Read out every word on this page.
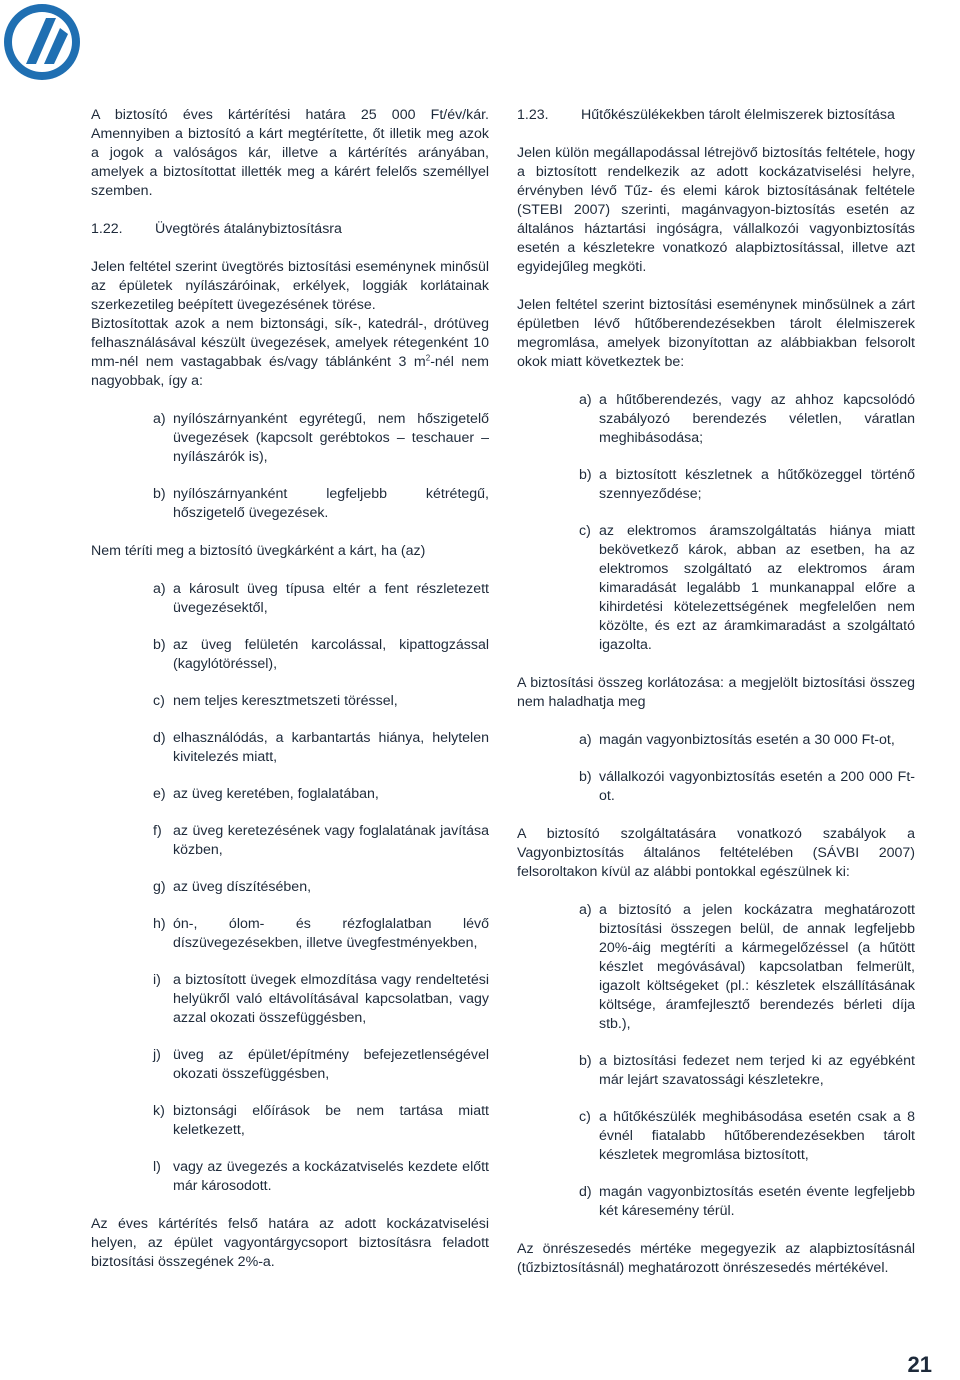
A biztosító éves kártérítési határa 25 000 Ft/év/kár. Amennyiben a biztosító a kárt megtérítette, őt illetik meg azok a jogok a valóságos kár, illetve a kártérítés arányában, amelyek a biztosítottat illették meg a kárért felelős személlyel szemben.

1.22. Üvegtörés átalánybiztosításra

Jelen feltétel szerint üvegtörés biztosítási eseménynek minősül az épületek nyílászáróinak, erkélyek, loggiák korlátainak szerkezetileg beépített üvegezésének törése.

Biztosítottak azok a nem biztonsági, sík-, katedrál-, drótüveg felhasználásával készült üvegezések, amelyek rétegenként 10 mm-nél nem vastagabbak és/vagy táblánként 3 $m^2$-nél nem nagyobbak, így a:

a) nyílószárnyanként egyrétegű, nem hőszigetelő üvegezések (kapcsolt gerébtokos – teschauer – nyílászárók is),
b) nyílószárnyanként legfeljebb kétrétegű, hőszigetelő üvegezések.

Nem téríti meg a biztosító üvegkárként a kárt, ha (az)

a) a károsult üveg típusa eltér a fent részletezett üvegezésektől,
b) az üveg felületén karcolással, kipattogzással (kagylótöréssel),
c) nem teljes keresztmetszeti töréssel,
d) elhasználódás, a karbantartás hiánya, helytelen kivitelezés miatt,
e) az üveg keretében, foglalatában,
f) az üveg keretezésének vagy foglalatának javítása közben,
g) az üveg díszítésében,
h) ón-, ólom- és rézfoglalatban lévő díszüvegezésekben, illetve üvegfestményekben,
i) a biztosított üvegek elmozdítása vagy rendeltetési helyükről való eltávolításával kapcsolatban, vagy azzal okozati összefüggésben,
j) üveg az épület/építmény befejezetlenségével okozati összefüggésben,
k) biztonsági előírások be nem tartása miatt keletkezett,
l) vagy az üvegezés a kockázatviselés kezdete előtt már károsodott.

Az éves kártérítés felső határa az adott kockázatviselési helyen, az épület vagyontárgycsoport biztosításra feladott biztosítási összegének 2%-a.

1.23. Hűtőkészülékekben tárolt élelmiszerek biztosítása

Jelen külön megállapodással létrejövő biztosítás feltétele, hogy a biztosított rendelkezik az adott kockázatviselési helyre, érvényben lévő Tűz- és elemi károk biztosításának feltétele (STEBI 2007) szerinti, magánvagyon-biztosítás esetén az általános háztartási ingóságra, vállalkozói vagyonbiztosítás esetén a készletekre vonatkozó alapbiztosítással, illetve azt egyidejűleg megköti.

Jelen feltétel szerint biztosítási eseménynek minősülnek a zárt épületben lévő hűtőberendezésekben tárolt élelmiszerek megromlása, amelyek bizonyítottan az alábbiakban felsorolt okok miatt következtek be:

a) a hűtőberendezés, vagy az ahhoz kapcsolódó szabályozó berendezés véletlen, váratlan meghibásodása;
b) a biztosított készletnek a hűtőközeggel történő szennyeződése;
c) az elektromos áramszolgáltatás hiánya miatt bekövetkező károk, abban az esetben, ha az elektromos szolgáltató az elektromos áram kimaradását legalább 1 munkanappal előre a kihirdetési kötelezettségének megfelelően nem közölte, és ezt az áramkimaradást a szolgáltató igazolta.

A biztosítási összeg korlátozása: a megjelölt biztosítási összeg nem haladhatja meg

a) magán vagyonbiztosítás esetén a 30 000 Ft-ot,
b) vállalkozói vagyonbiztosítás esetén a 200 000 Ft-ot.

A biztosító szolgáltatására vonatkozó szabályok a Vagyonbiztosítás általános feltételében (SÁVBI 2007) felsoroltakon kívül az alábbi pontokkal egészülnek ki:

a) a biztosító a jelen kockázatra meghatározott biztosítási összegen belül, de annak legfeljebb 20%-áig megtéríti a kármegelőzéssel (a hűtött készlet megóvásával) kapcsolatban felmerült, igazolt költségeket (pl.: készletek elszállításának költsége, áramfejlesztő berendezés bérleti díja stb.),
b) a biztosítási fedezet nem terjed ki az egyébként már lejárt szavatossági készletekre,
c) a hűtőkészülék meghibásodása esetén csak a 8 évnél fiatalabb hűtőberendezésekben tárolt készletek megromlása biztosított,
d) magán vagyonbiztosítás esetén évente legfeljebb két káresemény térül.

Az önrészesedés mértéke megegyezik az alapbiztosításnál (tűzbiztosításnál) meghatározott önrészesedés mértékével.

21
